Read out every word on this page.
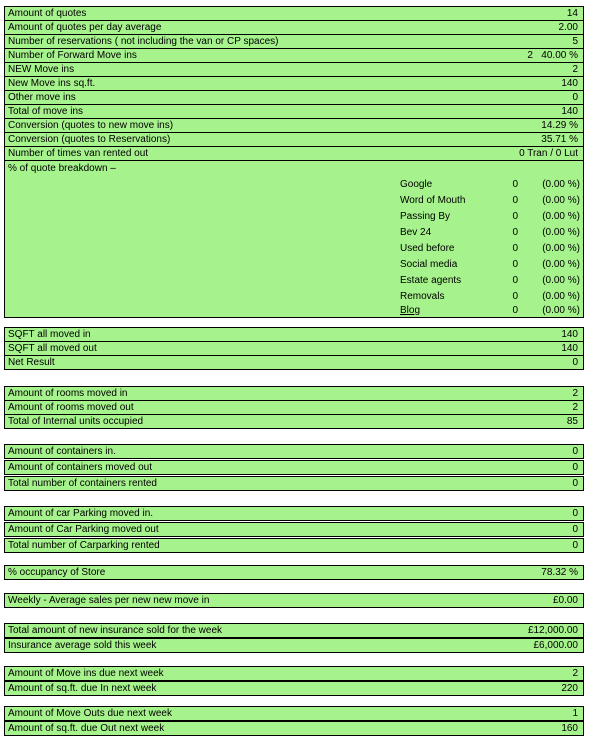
Amount of quotes	14
Amount of quotes per day average	2.00
Number of reservations ( not including the van or CP spaces)	5
Number of Forward Move ins	2   40.00 %
NEW Move ins	2
New Move ins sq.ft.	140
Other move ins	0
Total of move ins	140
Conversion (quotes to new move ins)	14.29 %
Conversion (quotes to Reservations)	35.71 %
Number of times van rented out	0 Tran / 0 Lut
% of quote breakdown –
Google	0 (0.00 %)
Word of Mouth	0 (0.00 %)
Passing By	0 (0.00 %)
Bev 24	0 (0.00 %)
Used before	0 (0.00 %)
Social media	0 (0.00 %)
Estate agents	0 (0.00 %)
Removals	0 (0.00 %)
Blog	0 (0.00 %)
SQFT all moved in	140
SQFT all moved out	140
Net Result	0
Amount of rooms moved in	2
Amount of rooms moved out	2
Total of Internal units occupied	85
Amount of containers in.	0
Amount of containers moved out	0
Total number of containers rented	0
Amount of car Parking moved in.	0
Amount of Car Parking moved out	0
Total number of Carparking rented	0
% occupancy of Store	78.32 %
Weekly - Average sales per new new move in	£0.00
Total amount of new insurance sold for the week	£12,000.00
Insurance average sold this week	£6,000.00
Amount of Move ins due next week	2
Amount of sq.ft. due In next week	220
Amount of Move Outs due next week	1
Amount of sq.ft. due Out next week	160
